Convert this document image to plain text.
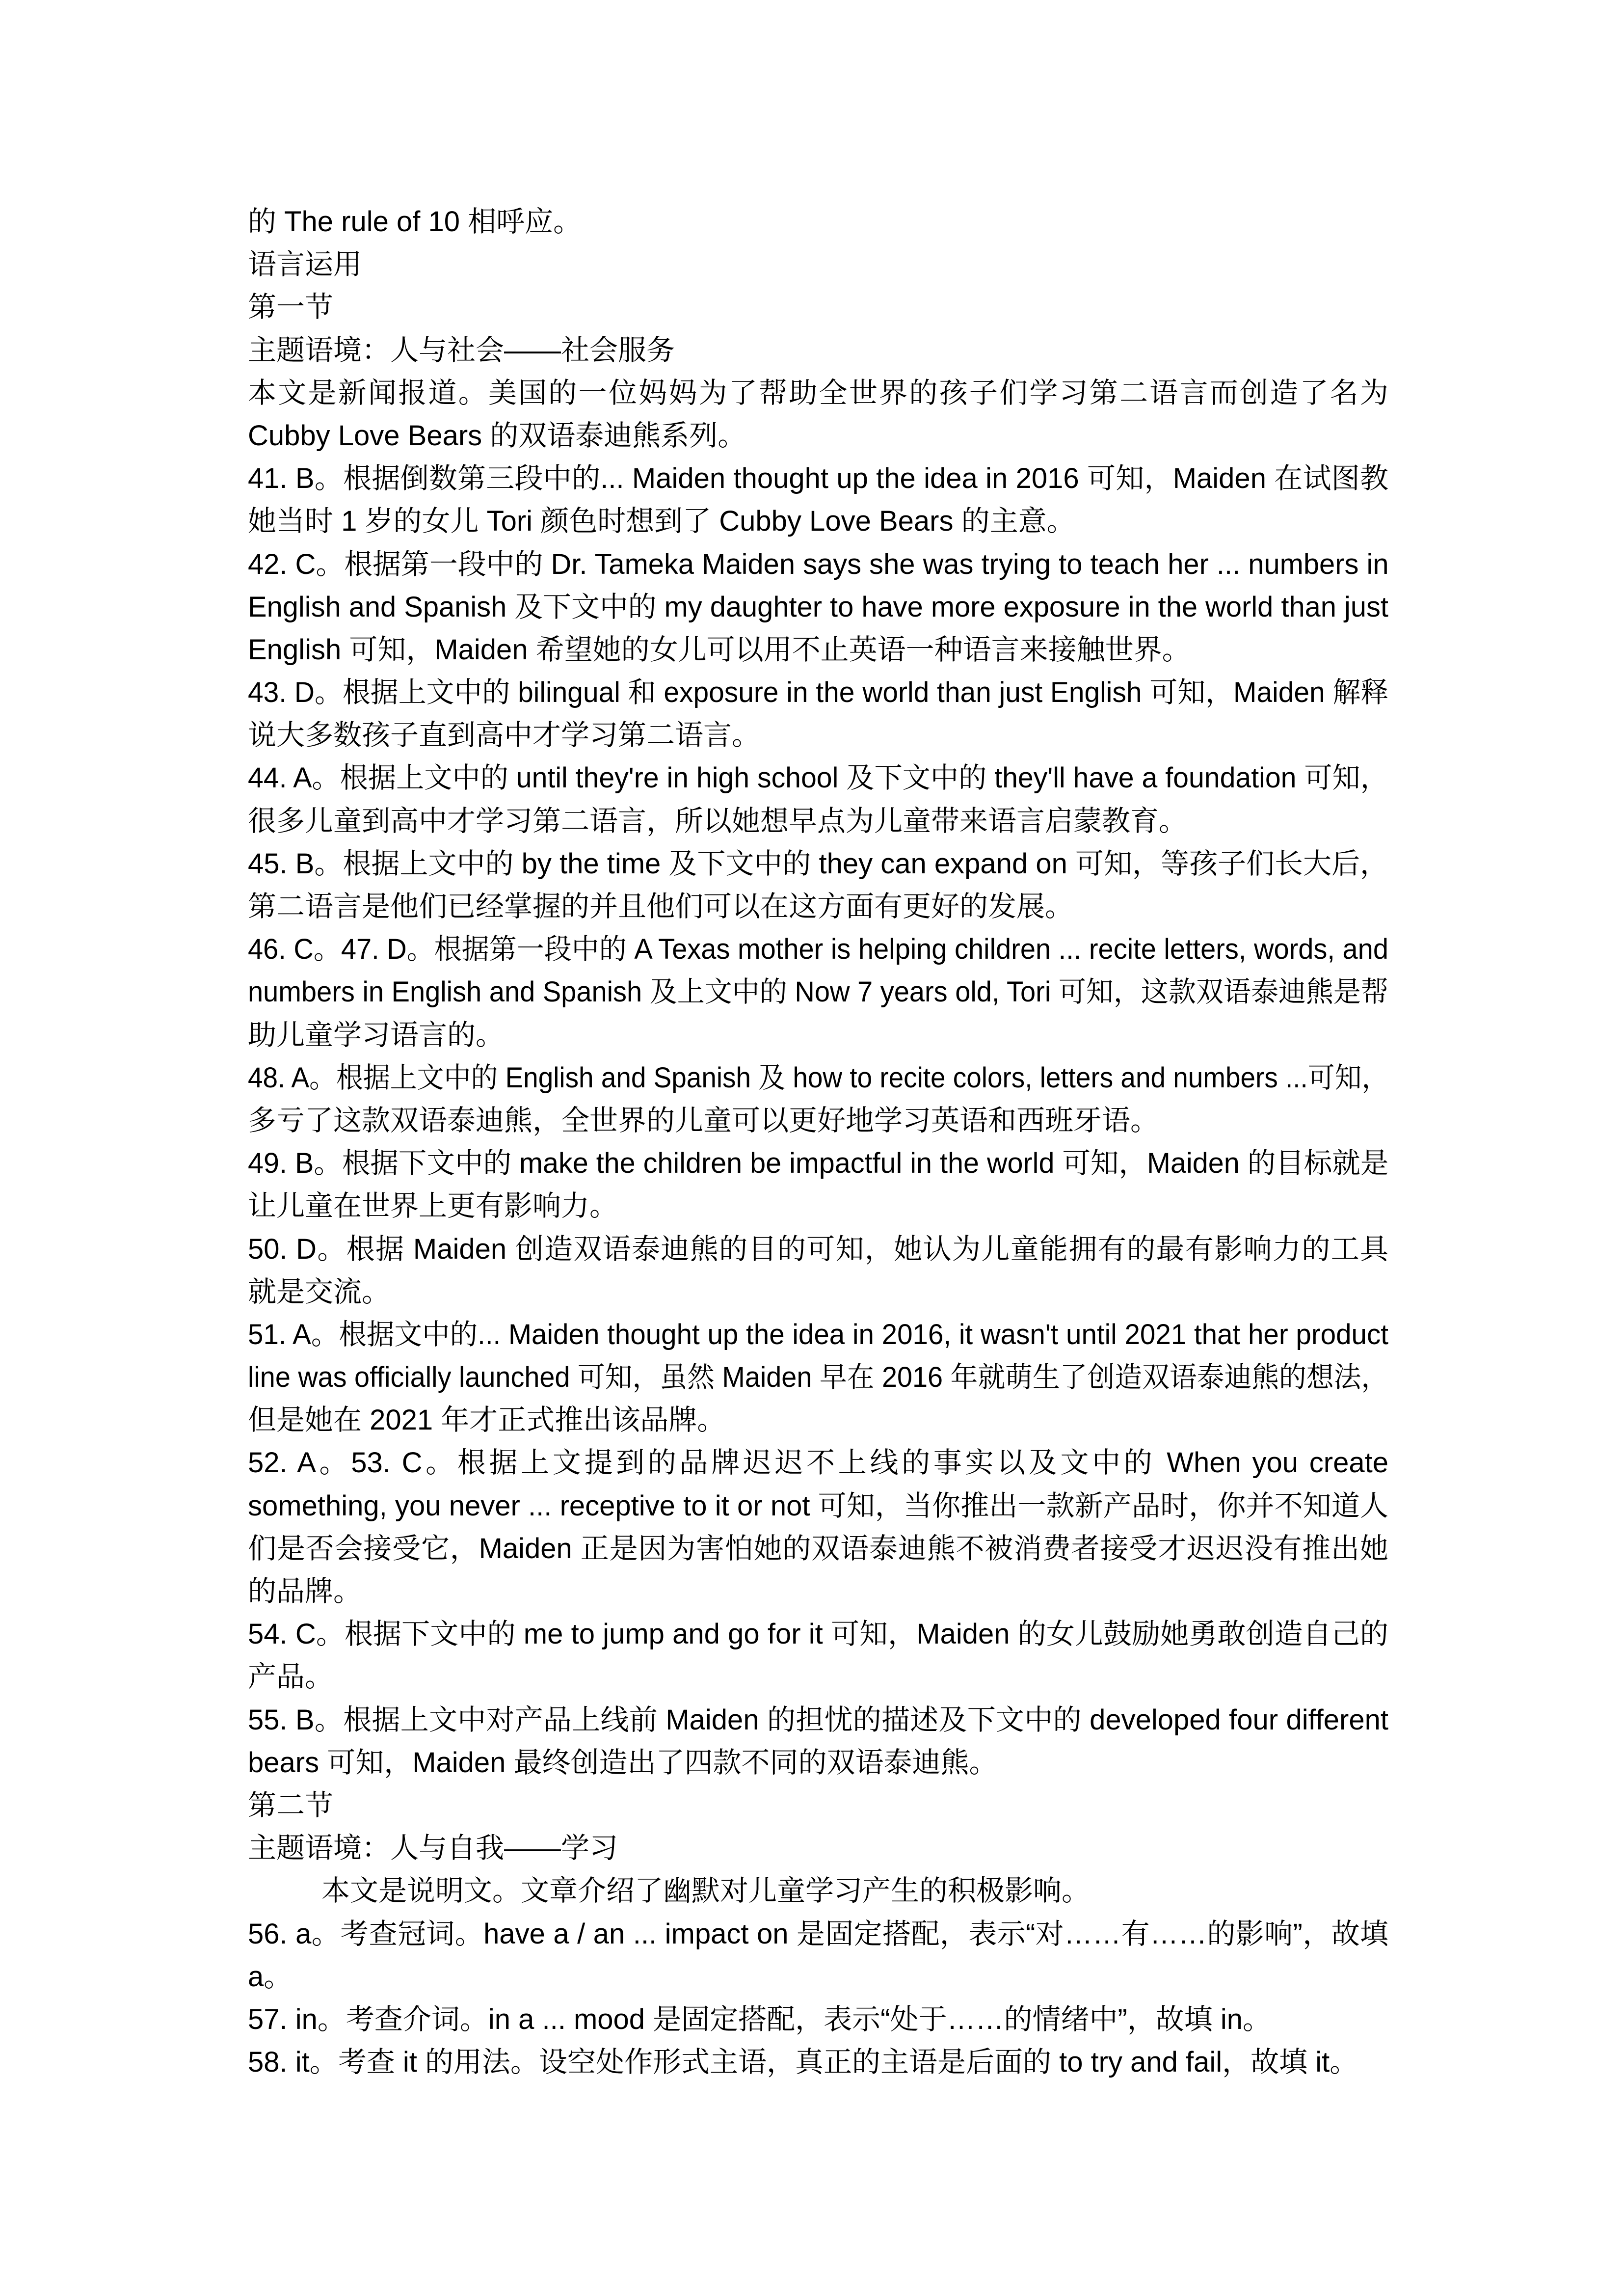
的 The rule of 10 相呼应。
语言运用
第一节
主题语境：人与社会——社会服务
本文是新闻报道。美国的一位妈妈为了帮助全世界的孩子们学习第二语言而创造了名为
Cubby Love Bears 的双语泰迪熊系列。
41. B。根据倒数第三段中的... Maiden thought up the idea in 2016 可知，Maiden 在试图教
她当时 1 岁的女儿 Tori 颜色时想到了 Cubby Love Bears 的主意。
42. C。根据第一段中的 Dr. Tameka Maiden says she was trying to teach her ... numbers in
English and Spanish 及下文中的 my daughter to have more exposure in the world than just
English 可知，Maiden 希望她的女儿可以用不止英语一种语言来接触世界。
43. D。根据上文中的 bilingual 和 exposure in the world than just English 可知，Maiden 解释
说大多数孩子直到高中才学习第二语言。
44. A。根据上文中的 until they're in high school 及下文中的 they'll have a foundation 可知，
很多儿童到高中才学习第二语言，所以她想早点为儿童带来语言启蒙教育。
45. B。根据上文中的 by the time 及下文中的 they can expand on 可知，等孩子们长大后，
第二语言是他们已经掌握的并且他们可以在这方面有更好的发展。
46. C。47. D。根据第一段中的 A Texas mother is helping children ... recite letters, words, and
numbers in English and Spanish 及上文中的 Now 7 years old, Tori 可知，这款双语泰迪熊是帮
助儿童学习语言的。
48. A。根据上文中的 English and Spanish 及 how to recite colors, letters and numbers ...可知，
多亏了这款双语泰迪熊，全世界的儿童可以更好地学习英语和西班牙语。
49. B。根据下文中的 make the children be impactful in the world 可知，Maiden 的目标就是
让儿童在世界上更有影响力。
50. D。根据 Maiden 创造双语泰迪熊的目的可知，她认为儿童能拥有的最有影响力的工具
就是交流。
51. A。根据文中的... Maiden thought up the idea in 2016, it wasn't until 2021 that her product
line was officially launched 可知，虽然 Maiden 早在 2016 年就萌生了创造双语泰迪熊的想法，
但是她在 2021 年才正式推出该品牌。
52. A。53. C。根据上文提到的品牌迟迟不上线的事实以及文中的 When you create
something, you never ... receptive to it or not 可知，当你推出一款新产品时，你并不知道人
们是否会接受它，Maiden 正是因为害怕她的双语泰迪熊不被消费者接受才迟迟没有推出她
的品牌。
54. C。根据下文中的 me to jump and go for it 可知，Maiden 的女儿鼓励她勇敢创造自己的
产品。
55. B。根据上文中对产品上线前 Maiden 的担忧的描述及下文中的 developed four different
bears 可知，Maiden 最终创造出了四款不同的双语泰迪熊。
第二节
主题语境：人与自我——学习
本文是说明文。文章介绍了幽默对儿童学习产生的积极影响。
56. a。考查冠词。have a / an ... impact on 是固定搭配，表示“对……有……的影响”，故填
a。
57. in。考查介词。in a ... mood 是固定搭配，表示“处于……的情绪中”，故填 in。
58. it。考查 it 的用法。设空处作形式主语，真正的主语是后面的 to try and fail，故填 it。
